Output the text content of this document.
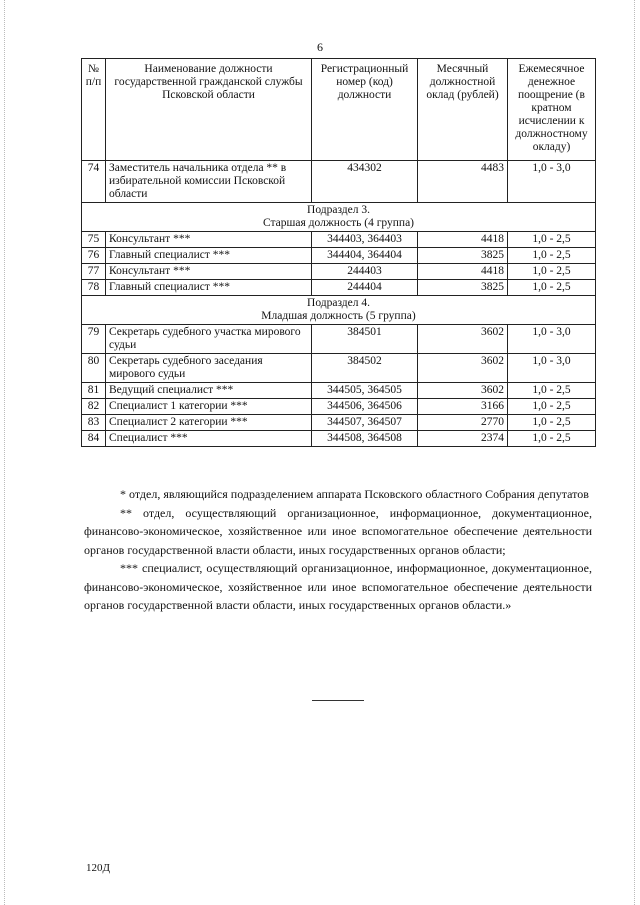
6
№ п/п	Наименование должности государственной гражданской службы Псковской области	Регистрационный номер (код) должности	Месячный должностной оклад (рублей)	Ежемесячное денежное поощрение (в кратном исчислении к должностному окладу)
74	Заместитель начальника отдела ** в избирательной комиссии Псковской области	434302	4483	1,0 - 3,0

Подраздел 3.
Старшая должность (4 группа)				

75	Консультант ***	344403, 364403	4418	1,0 - 2,5
76	Главный специалист ***	344404, 364404	3825	1,0 - 2,5
77	Консультант ***	244403	4418	1,0 - 2,5
78	Главный специалист ***	244404	3825	1,0 - 2,5

Подраздел 4.
Младшая должность (5 группа)				

79	Секретарь судебного участка мирового судьи	384501	3602	1,0 - 3,0
80	Секретарь судебного заседания мирового судьи	384502	3602	1,0 - 3,0
81	Ведущий специалист ***	344505, 364505	3602	1,0 - 2,5
82	Специалист 1 категории ***	344506, 364506	3166	1,0 - 2,5
83	Специалист 2 категории ***	344507, 364507	2770	1,0 - 2,5
84	Специалист ***	344508, 364508	2374	1,0 - 2,5

* отдел, являющийся подразделением аппарата Псковского областного Собрания депутатов

** отдел, осуществляющий организационное, информационное, документационное, финансово-экономическое, хозяйственное или иное вспомогательное обеспечение деятельности органов государственной власти области, иных государственных органов области;

*** специалист, осуществляющий организационное, информационное, документационное, финансово-экономическое, хозяйственное или иное вспомогательное обеспечение деятельности органов государственной власти области, иных государственных органов области.»

120Д
